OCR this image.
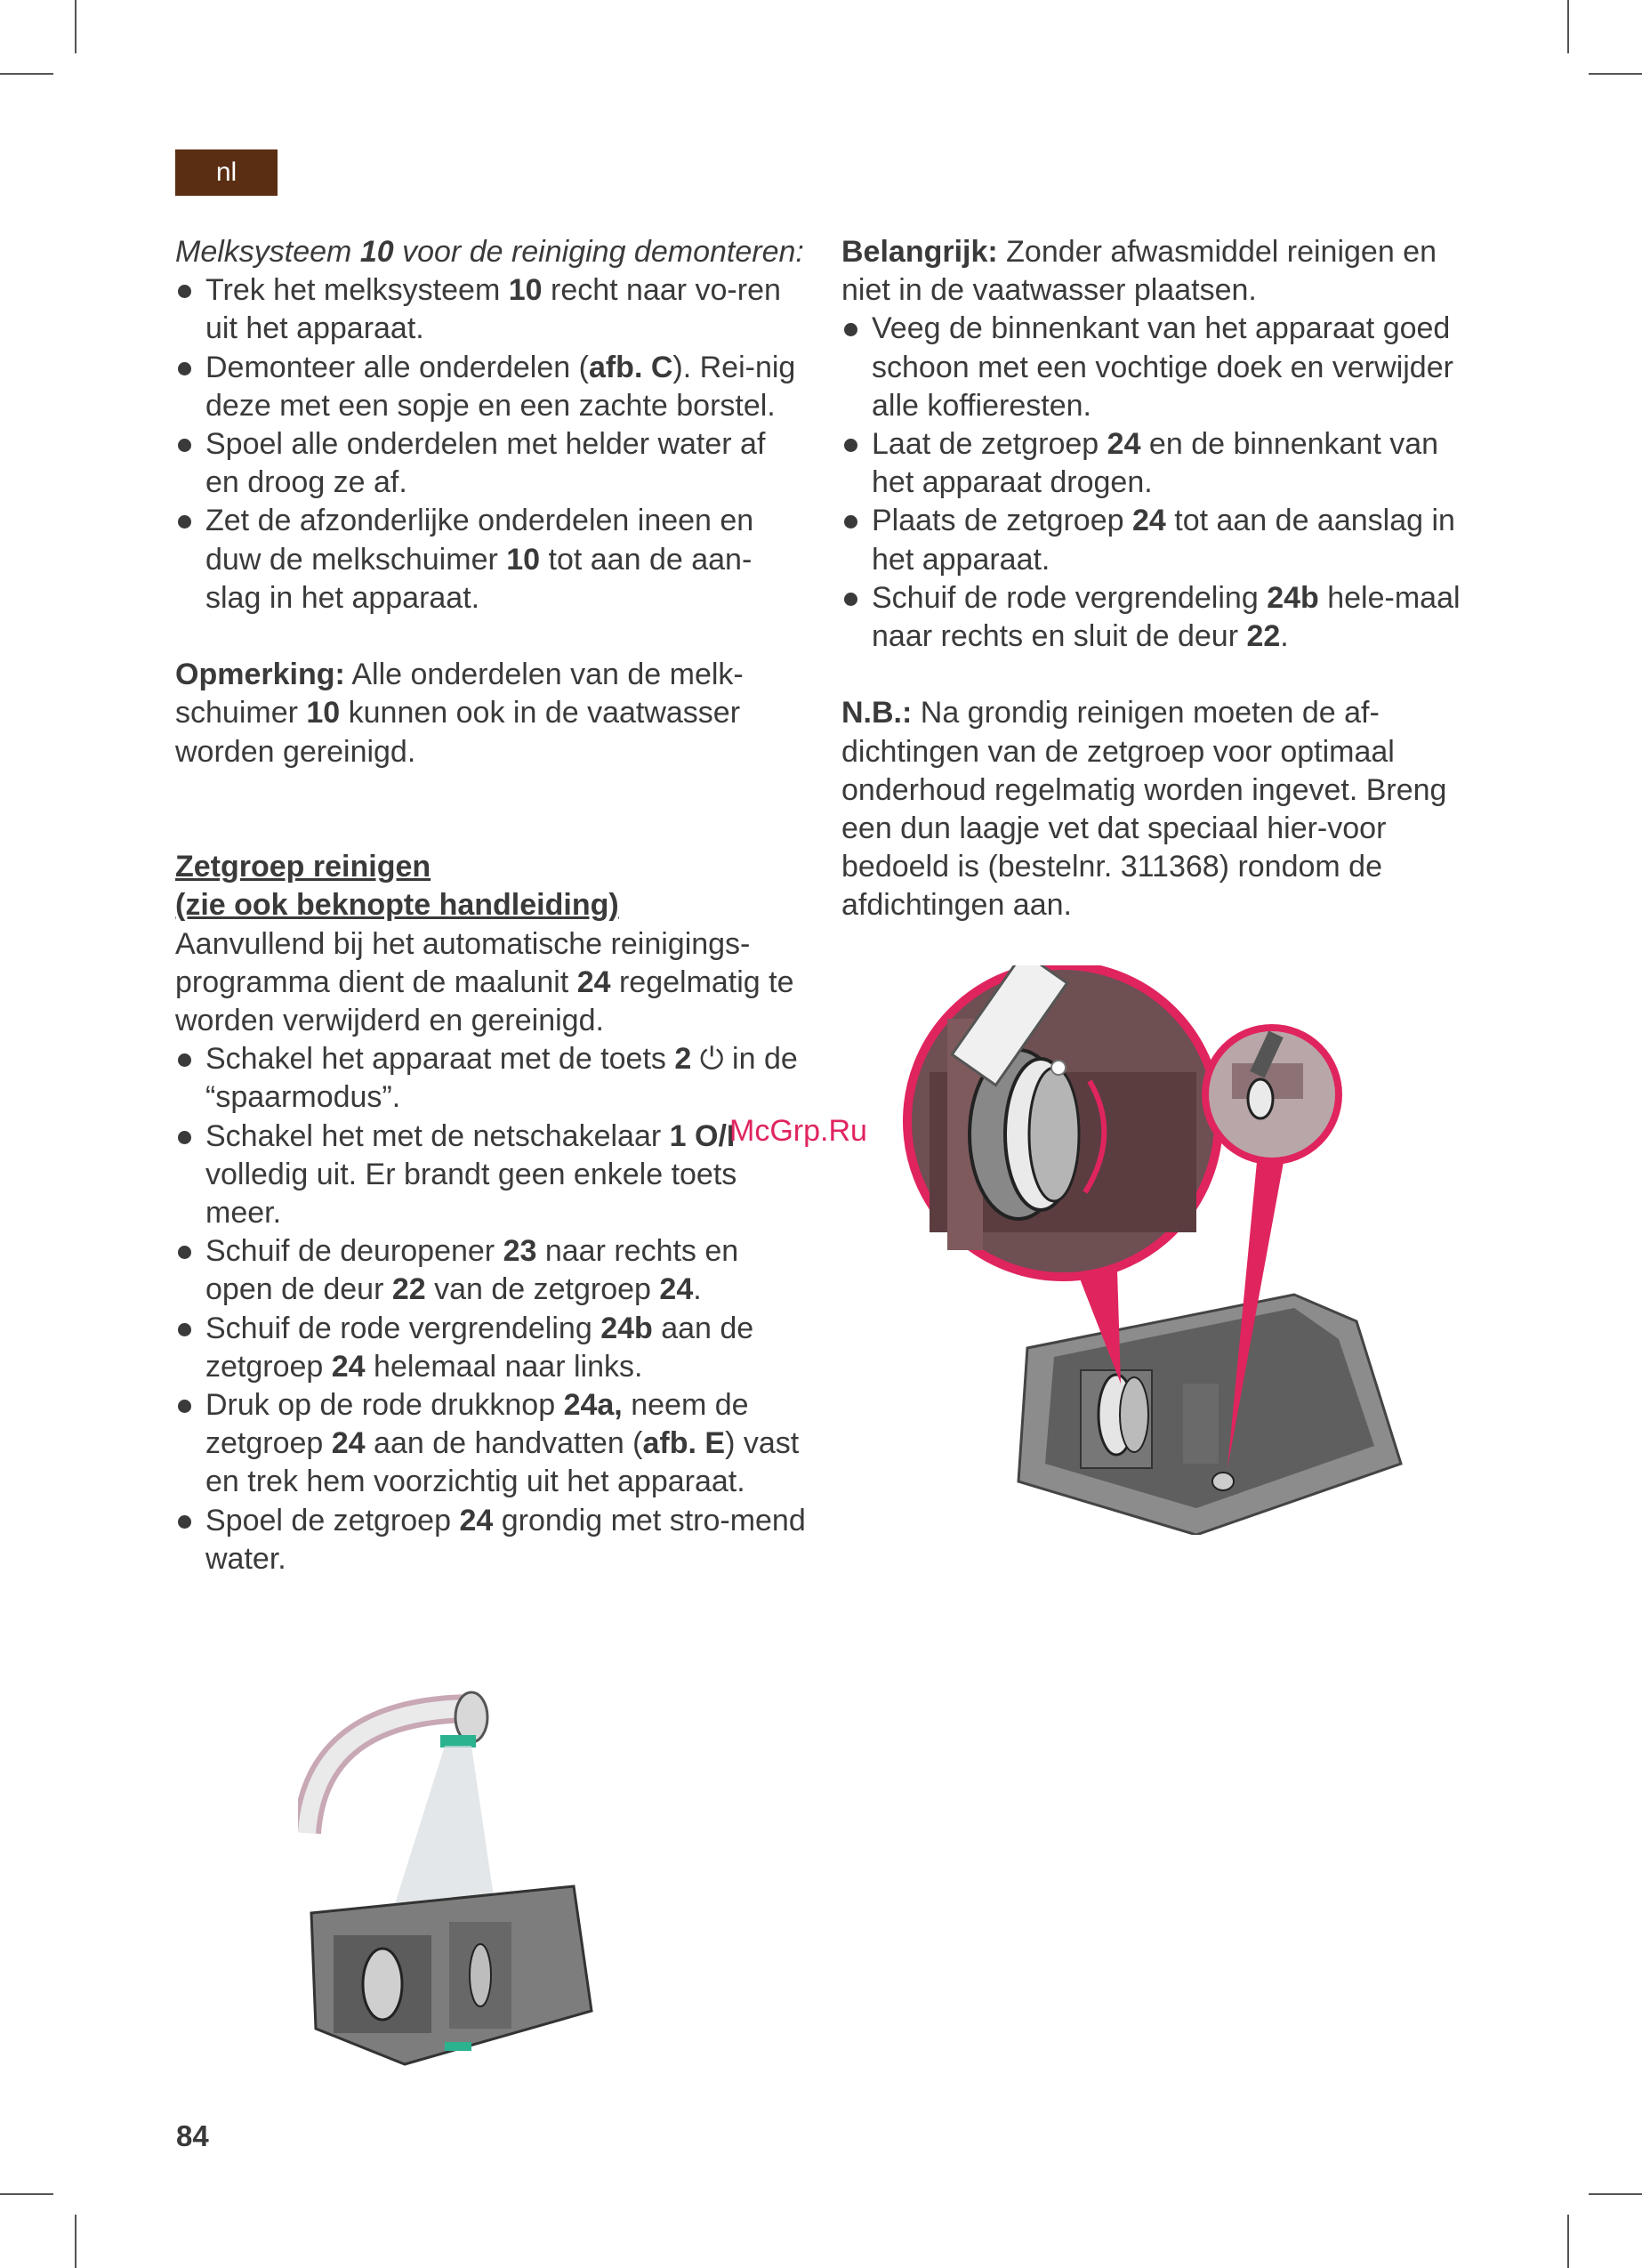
nl

Melksysteem 10 voor de reiniging demonteren:

Trek het melksysteem 10 recht naar vo-ren uit het apparaat.
Demonteer alle onderdelen (afb. C). Rei-nig deze met een sopje en een zachte borstel.
Spoel alle onderdelen met helder water af en droog ze af.
Zet de afzonderlijke onderdelen ineen en duw de melkschuimer 10 tot aan de aan-slag in het apparaat.

Opmerking: Alle onderdelen van de melk-schuimer 10 kunnen ook in de vaatwasser worden gereinigd.

Zetgroep reinigen

(zie ook beknopte handleiding)

Aanvullend bij het automatische reinigings-programma dient de maalunit 24 regelmatig te worden verwijderd en gereinigd.

Schakel het apparaat met de toets 2 ⏻ in de “spaarmodus”.
Schakel het met de netschakelaar 1 O/I volledig uit. Er brandt geen enkele toets meer.
Schuif de deuropener 23 naar rechts en open de deur 22 van de zetgroep 24.
Schuif de rode vergrendeling 24b aan de zetgroep 24 helemaal naar links.
Druk op de rode drukknop 24a, neem de zetgroep 24 aan de handvatten (afb. E) vast en trek hem voorzichtig uit het apparaat.
Spoel de zetgroep 24 grondig met stro-mend water.

Belangrijk: Zonder afwasmiddel reinigen en niet in de vaatwasser plaatsen.

Veeg de binnenkant van het apparaat goed schoon met een vochtige doek en verwijder alle koffieresten.
Laat de zetgroep 24 en de binnenkant van het apparaat drogen.
Plaats de zetgroep 24 tot aan de aanslag in het apparaat.
Schuif de rode vergrendeling 24b hele-maal naar rechts en sluit de deur 22.

N.B.: Na grondig reinigen moeten de af-dichtingen van de zetgroep voor optimaal onderhoud regelmatig worden ingevet. Breng een dun laagje vet dat speciaal hier-voor bedoeld is (bestelnr. 311368) rondom de afdichtingen aan.

McGrp.Ru
84
